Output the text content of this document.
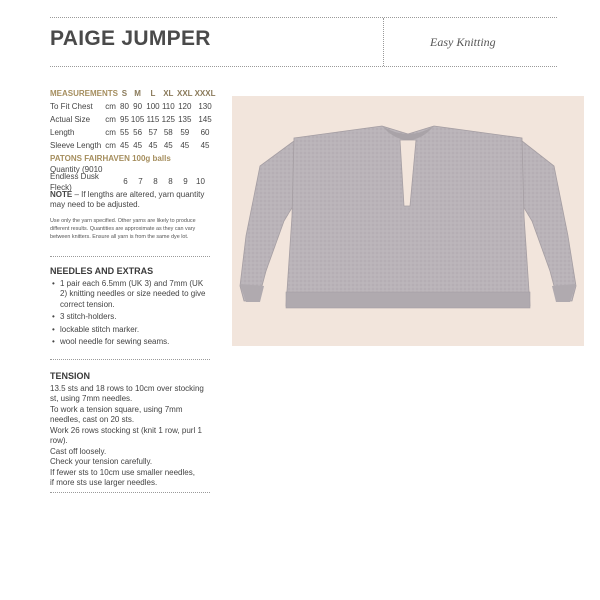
PAIGE JUMPER	Easy Knitting
MEASUREMENTS		S	M	L	XL	XXL	XXXL
To Fit Chest	cm	80	90	100	110	120	130
Actual Size	cm	95	105	115	125	135	145
Length	cm	55	56	57	58	59	60
Sleeve Length	cm	45	45	45	45	45	45
PATONS FAIRHAVEN 100g balls
Quantity (9010
Endless Dusk Fleck)
6	7	8	8	9	10
NOTE – If lengths are altered, yarn quantity may need to be adjusted.
Use only the yarn specified. Other yarns are likely to produce different results. Quantities are approximate as they can vary between knitters. Ensure all yarn is from the same dye lot.
NEEDLES AND EXTRAS
• 1 pair each 6.5mm (UK 3) and 7mm (UK 2) knitting needles or size needed to give correct tension.
• 3 stitch-holders.
• lockable stitch marker.
• wool needle for sewing seams.
TENSION
13.5 sts and 18 rows to 10cm over stocking st, using 7mm needles.
To work a tension square, using 7mm needles, cast on 20 sts.
Work 26 rows stocking st (knit 1 row, purl 1 row).
Cast off loosely.
Check your tension carefully.
If fewer sts to 10cm use smaller needles,
if more sts use larger needles.
